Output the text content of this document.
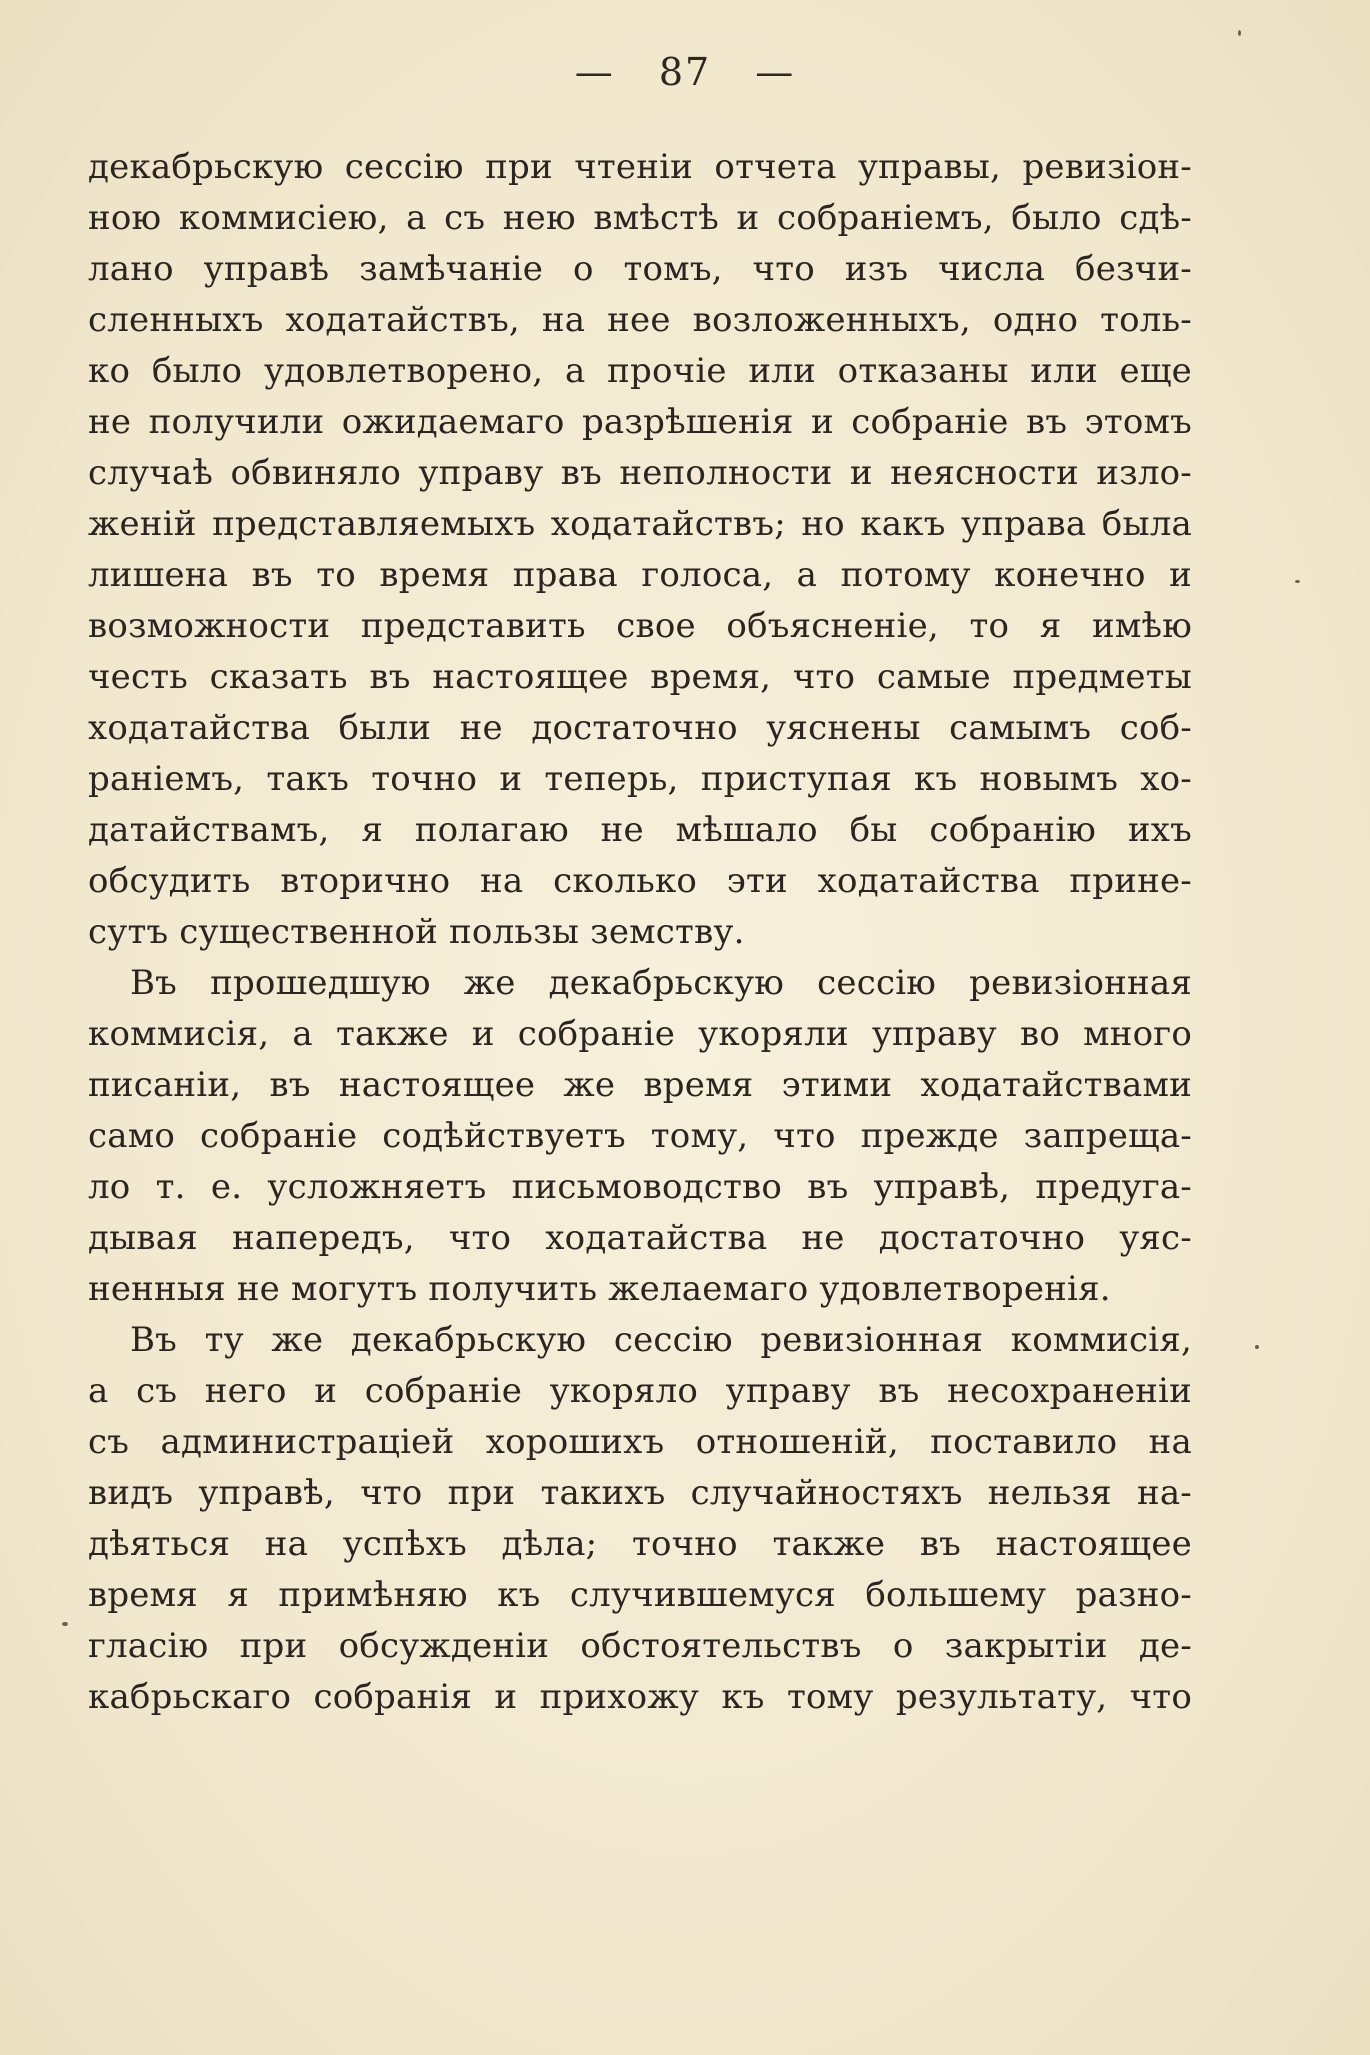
— 87 —
декабрьскую сессію при чтеніи отчета управы, ревизіон-
нoю коммисіею, а съ нею вмѣстѣ и собраніемъ, было сдѣ-
лано управѣ замѣчаніе о томъ, что изъ числа безчи-
сленныхъ ходатайствъ, на нее возложенныхъ, одно толь-
ко было удовлетворено, а прочіе или отказаны или еще
не получили ожидаемаго разрѣшенія и собраніе въ этомъ
случаѣ обвиняло управу въ неполности и неясности изло-
женій представляемыхъ ходатайствъ; но какъ управа была
лишена въ то время права голоса, а потому конечно и
возможности представить свое объясненіе, то я имѣю
честь сказать въ настоящее время, что самые предметы
ходатайства были не достаточно уяснены самымъ соб-
раніемъ, такъ точно и теперь, приступая къ новымъ хо-
датайствамъ, я полагаю не мѣшало бы собранію ихъ
обсудить вторично на сколько эти ходатайства прине-
сутъ существенной пользы земству.
Въ прошедшую же декабрьскую сессію ревизіонная
коммисія, а также и собраніе укоряли управу во много
писаніи, въ настоящее же время этими ходатайствами
само собраніе содѣйствуетъ тому, что прежде запреща-
ло т. е. усложняетъ письмоводство въ управѣ, предуга-
дывая напередъ, что ходатайства не достаточно уяс-
ненныя не могутъ получить желаемаго удовлетворенія.
Въ ту же декабрьскую сессію ревизіонная коммисія,
а съ него и собраніе укоряло управу въ несохраненіи
съ администраціей хорошихъ отношеній, поставило на
видъ управѣ, что при такихъ случайностяхъ нельзя на-
дѣяться на успѣхъ дѣла; точно также въ настоящее
время я примѣняю къ случившемуся большему разно-
гласію при обсужденіи обстоятельствъ о закрытіи де-
кабрьскаго собранія и прихожу къ тому результату, что
